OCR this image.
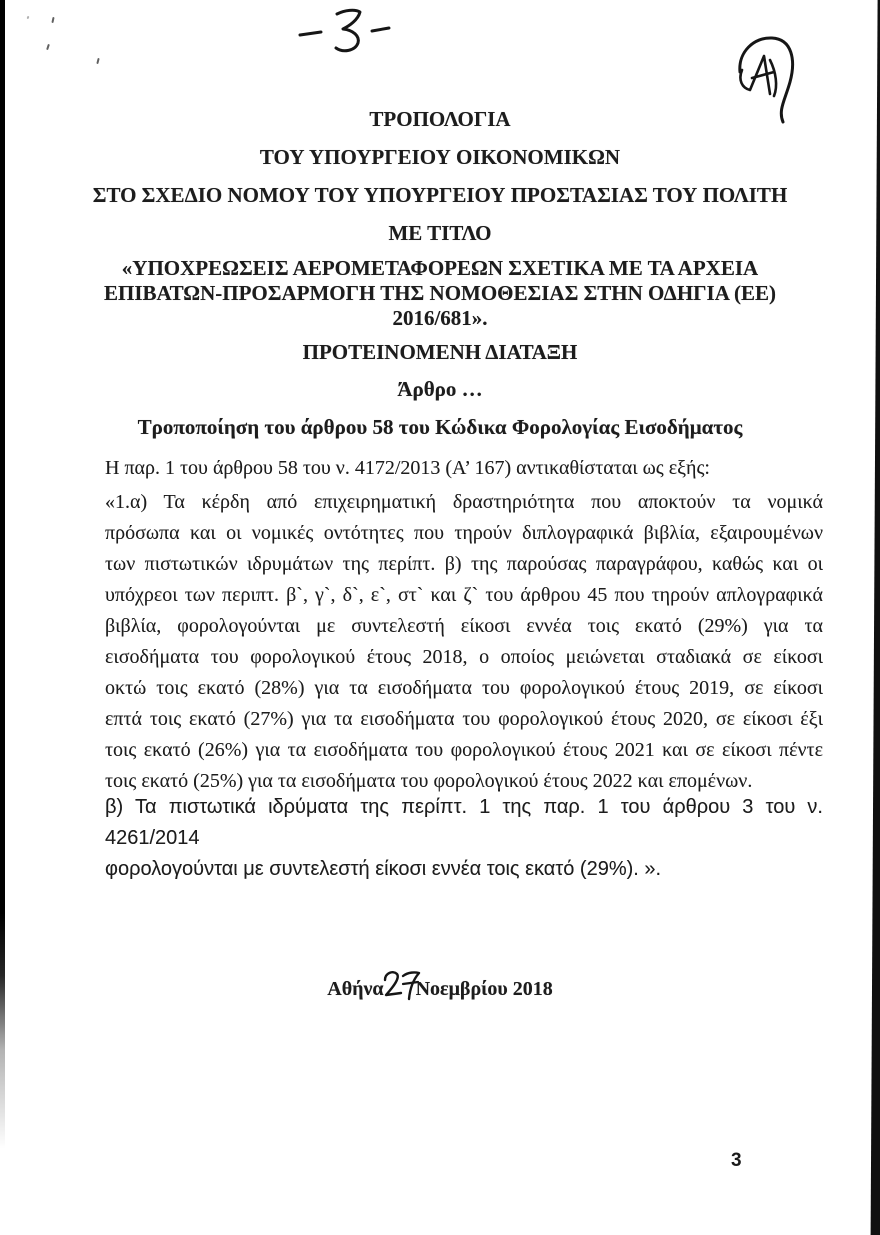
ΤΡΟΠΟΛΟΓΙΑ
ΤΟΥ ΥΠΟΥΡΓΕΙΟΥ ΟΙΚΟΝΟΜΙΚΩΝ
ΣΤΟ ΣΧΕΔΙΟ ΝΟΜΟΥ ΤΟΥ ΥΠΟΥΡΓΕΙΟΥ ΠΡΟΣΤΑΣΙΑΣ ΤΟΥ ΠΟΛΙΤΗ
ΜΕ ΤΙΤΛΟ
«ΥΠΟΧΡΕΩΣΕΙΣ ΑΕΡΟΜΕΤΑΦΟΡΕΩΝ ΣΧΕΤΙΚΑ ΜΕ ΤΑ ΑΡΧΕΙΑ
ΕΠΙΒΑΤΩΝ-ΠΡΟΣΑΡΜΟΓΗ ΤΗΣ ΝΟΜΟΘΕΣΙΑΣ ΣΤΗΝ ΟΔΗΓΙΑ (ΕΕ)
2016/681».
ΠΡΟΤΕΙΝΟΜΕΝΗ ΔΙΑΤΑΞΗ
Άρθρο …
Τροποποίηση του άρθρου 58 του Κώδικα Φορολογίας Εισοδήματος
Η παρ. 1 του άρθρου 58 του ν. 4172/2013 (Α’ 167) αντικαθίσταται ως εξής:
«1.α) Τα κέρδη από επιχειρηματική δραστηριότητα που αποκτούν τα νομικά
πρόσωπα και οι νομικές οντότητες που τηρούν διπλογραφικά βιβλία, εξαιρουμένων
των πιστωτικών ιδρυμάτων της περίπτ. β) της παρούσας παραγράφου, καθώς και οι
υπόχρεοι των περιπτ. β`, γ`, δ`, ε`, στ` και ζ` του άρθρου 45 που τηρούν απλογραφικά
βιβλία, φορολογούνται με συντελεστή είκοσι εννέα τοις εκατό (29%) για τα
εισοδήματα του φορολογικού έτους 2018, ο οποίος μειώνεται σταδιακά σε είκοσι
οκτώ τοις εκατό (28%) για τα εισοδήματα του φορολογικού έτους 2019, σε είκοσι
επτά τοις εκατό (27%) για τα εισοδήματα του φορολογικού έτους 2020, σε είκοσι έξι
τοις εκατό (26%) για τα εισοδήματα του φορολογικού έτους 2021 και σε είκοσι πέντε
τοις εκατό (25%) για τα εισοδήματα του φορολογικού έτους 2022 και επομένων.
β) Τα πιστωτικά ιδρύματα της περίπτ. 1 της παρ. 1 του άρθρου 3 του ν. 4261/2014
φορολογούνται με συντελεστή είκοσι εννέα τοις εκατό (29%). ».
Αθήνα Νοεμβρίου 2018
3
